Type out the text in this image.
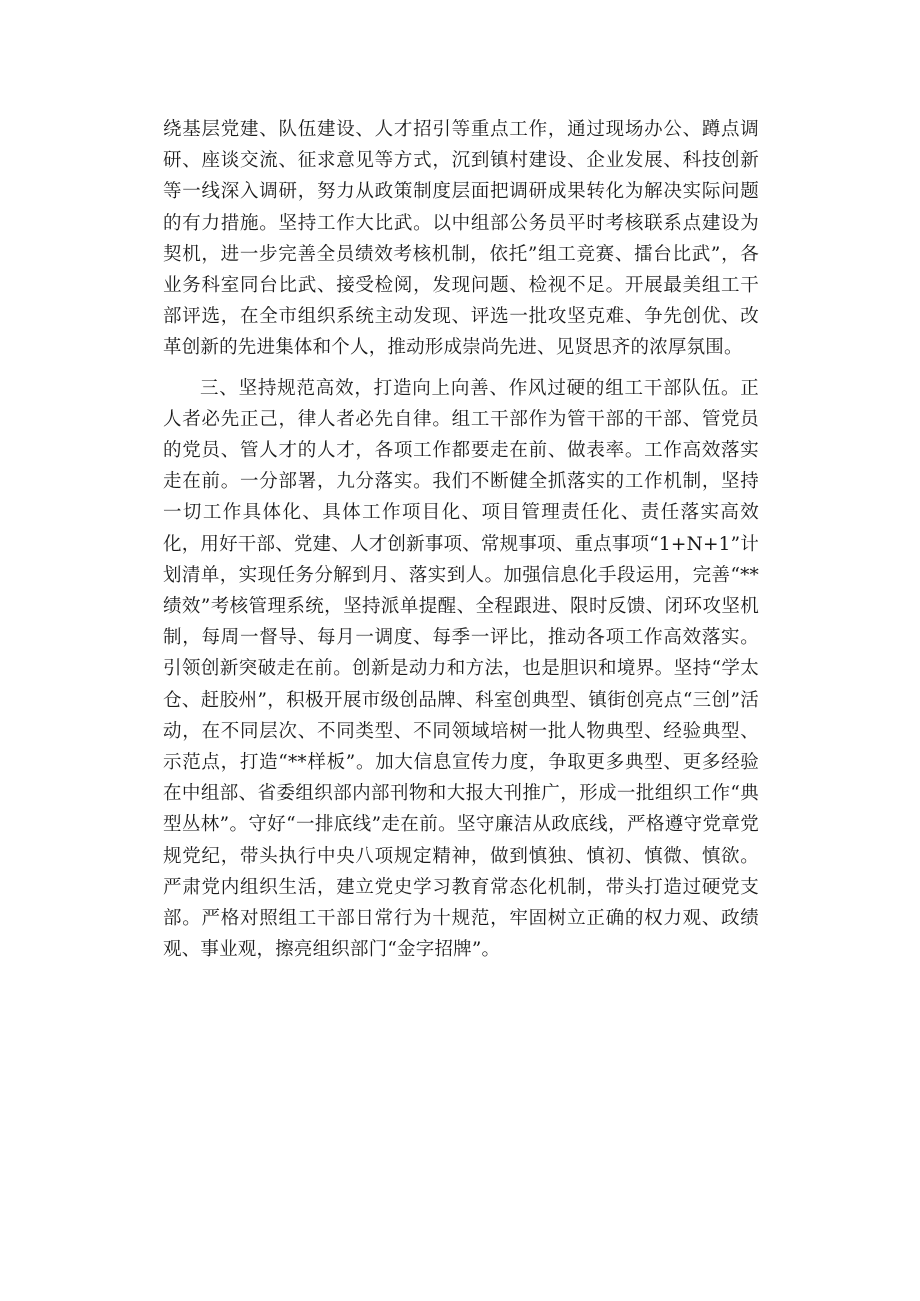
绕基层党建、队伍建设、人才招引等重点工作，通过现场办公、蹲点调研、座谈交流、征求意见等方式，沉到镇村建设、企业发展、科技创新等一线深入调研，努力从政策制度层面把调研成果转化为解决实际问题的有力措施。坚持工作大比武。以中组部公务员平时考核联系点建设为契机，进一步完善全员绩效考核机制，依托”组工竞赛、擂台比武”，各业务科室同台比武、接受检阅，发现问题、检视不足。开展最美组工干部评选，在全市组织系统主动发现、评选一批攻坚克难、争先创优、改革创新的先进集体和个人，推动形成崇尚先进、见贤思齐的浓厚氛围。

三、坚持规范高效，打造向上向善、作风过硬的组工干部队伍。正人者必先正己，律人者必先自律。组工干部作为管干部的干部、管党员的党员、管人才的人才，各项工作都要走在前、做表率。工作高效落实走在前。一分部署，九分落实。我们不断健全抓落实的工作机制，坚持一切工作具体化、具体工作项目化、项目管理责任化、责任落实高效化，用好干部、党建、人才创新事项、常规事项、重点事项“1+N+1”计划清单，实现任务分解到月、落实到人。加强信息化手段运用，完善“**绩效”考核管理系统，坚持派单提醒、全程跟进、限时反馈、闭环攻坚机制，每周一督导、每月一调度、每季一评比，推动各项工作高效落实。引领创新突破走在前。创新是动力和方法，也是胆识和境界。坚持“学太仓、赶胶州”，积极开展市级创品牌、科室创典型、镇街创亮点“三创”活动，在不同层次、不同类型、不同领域培树一批人物典型、经验典型、示范点，打造“**样板”。加大信息宣传力度，争取更多典型、更多经验在中组部、省委组织部内部刊物和大报大刊推广，形成一批组织工作“典型丛林”。守好“一排底线”走在前。坚守廉洁从政底线，严格遵守党章党规党纪，带头执行中央八项规定精神，做到慎独、慎初、慎微、慎欲。严肃党内组织生活，建立党史学习教育常态化机制，带头打造过硬党支部。严格对照组工干部日常行为十规范，牢固树立正确的权力观、政绩观、事业观，擦亮组织部门“金字招牌”。
